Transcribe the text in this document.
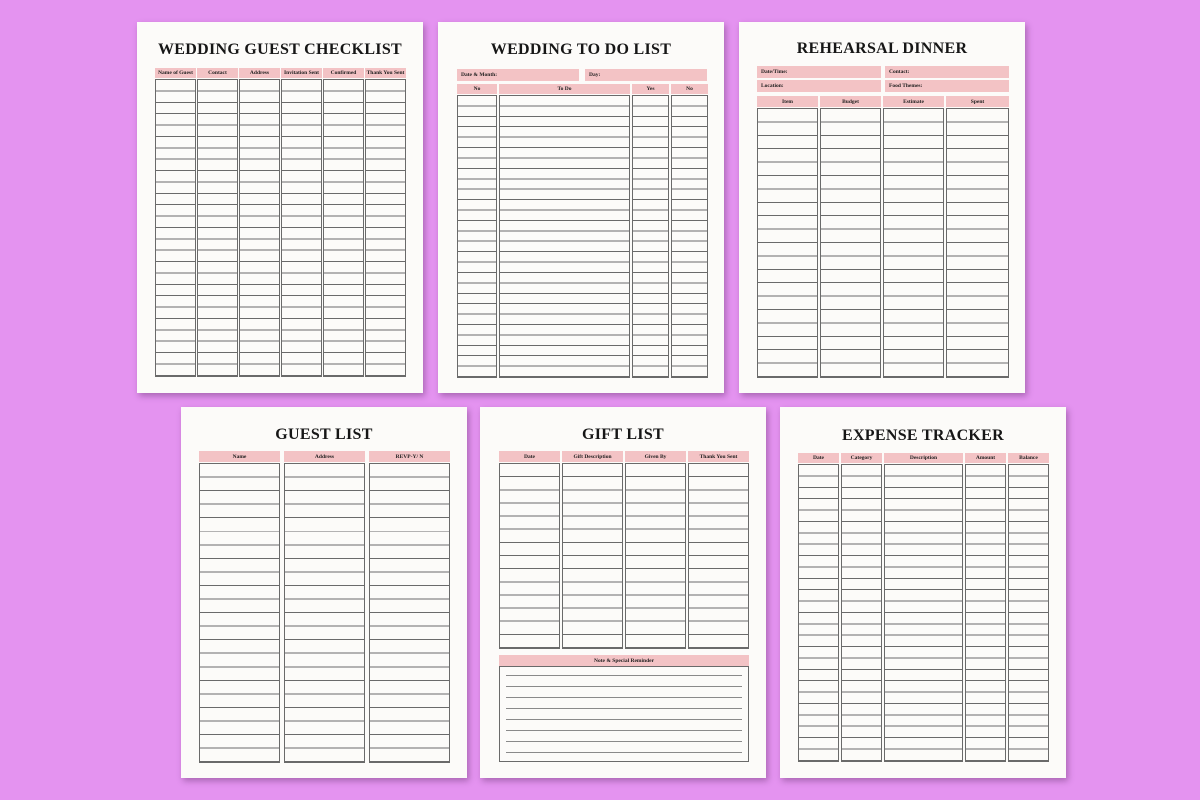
WEDDING GUEST CHECKLIST
Name of Guest	Contact	Address	Invitation Sent	Confirmed	Thank You Sent
WEDDING TO DO LIST
Date & Month:	Day:
No	To Do	Yes	No
REHEARSAL DINNER
Date/Time:	Contact:
Location:	Food Themes:
Item	Budget	Estimate	Spent
GUEST LIST
Name	Address	REVP-Y/ N
GIFT LIST
Date	Gift Description	Given By	Thank You Sent
Note & Special Reminder
EXPENSE TRACKER
Date	Category	Description	Amount	Balance
